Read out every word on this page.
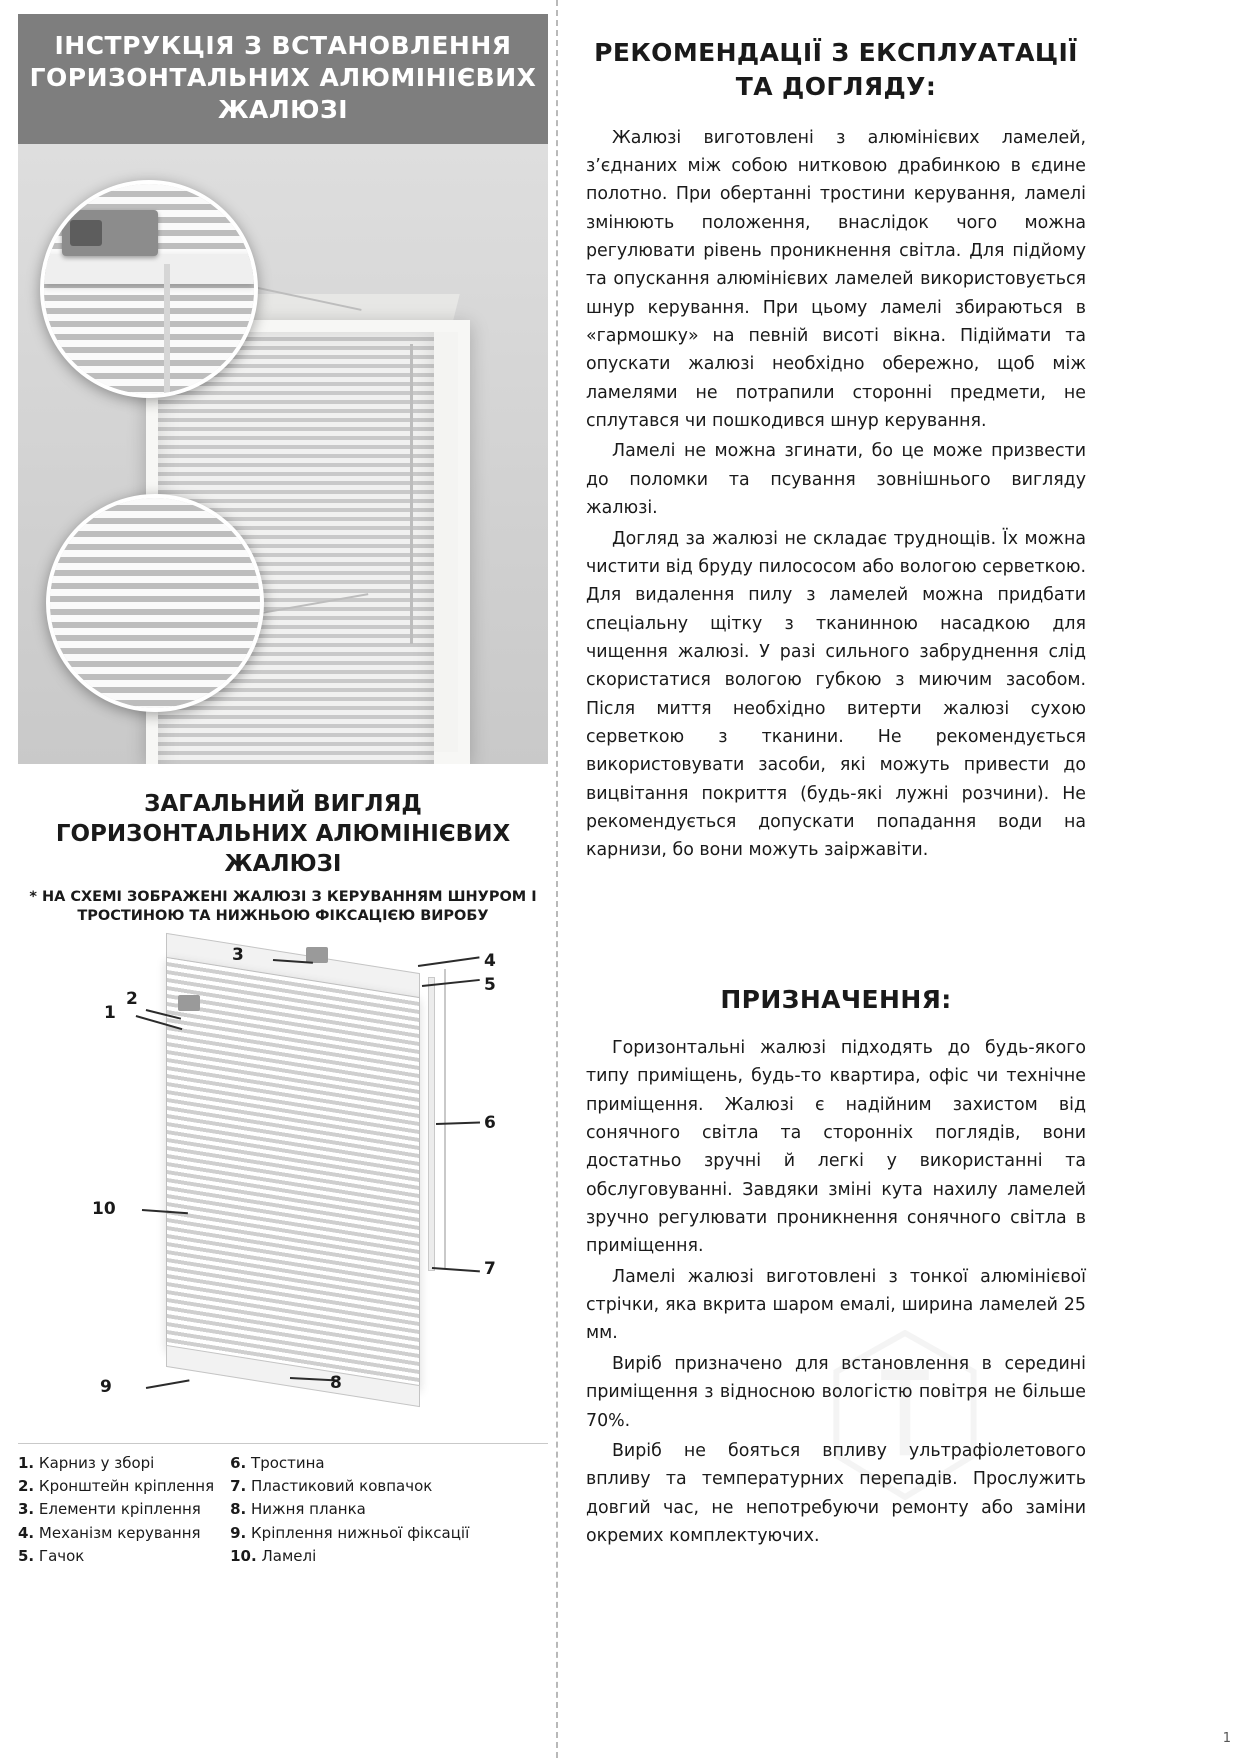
ІНСТРУКЦІЯ З ВСТАНОВЛЕННЯ ГОРИЗОНТАЛЬНИХ АЛЮМІНІЄВИХ ЖАЛЮЗІ
ЗАГАЛЬНИЙ ВИГЛЯД ГОРИЗОНТАЛЬНИХ АЛЮМІНІЄВИХ ЖАЛЮЗІ
* НА СХЕМІ ЗОБРАЖЕНІ ЖАЛЮЗІ З КЕРУВАННЯМ ШНУРОМ І ТРОСТИНОЮ ТА НИЖНЬОЮ ФІКСАЦІЄЮ ВИРОБУ
3
1
2
4
5
6
7
10
9	8
1. Карниз у зборі
2. Кронштейн кріплення
3. Елементи кріплення
4. Механізм керування
5. Гачок
6. Тростина
7. Пластиковий ковпачок
8. Нижня планка
9. Кріплення нижньої фіксації
10. Ламелі
РЕКОМЕНДАЦІЇ З ЕКСПЛУАТАЦІЇ ТА ДОГЛЯДУ:

Жалюзі виготовлені з алюмінієвих ламелей, з’єднаних між собою нитковою драбинкою в єдине полотно. При обертанні тростини керування, ламелі змінюють положення, внаслідок чого можна регулювати рівень проникнення світла. Для підйому та опускання алюмінієвих ламелей використовується шнур керування. При цьому ламелі збираються в «гармошку» на певній висоті вікна. Підіймати та опускати жалюзі необхідно обережно, щоб між ламелями не потрапили сторонні предмети, не сплутався чи пошкодився шнур керування.

Ламелі не можна згинати, бо це може призвести до поломки та псування зовнішнього вигляду жалюзі.

Догляд за жалюзі не складає труднощів. Їх можна чистити від бруду пилососом або вологою серветкою. Для видалення пилу з ламелей можна придбати спеціальну щітку з тканинною насадкою для чищення жалюзі. У разі сильного забруднення слід скористатися вологою губкою з миючим засобом. Після миття необхідно витерти жалюзі сухою серветкою з тканини. Не рекомендується використовувати засоби, які можуть привести до вицвітання покриття (будь-які лужні розчини). Не рекомендується допускати попадання води на карнизи, бо вони можуть заіржавіти.

ПРИЗНАЧЕННЯ:

Горизонтальні жалюзі підходять до будь-якого типу приміщень, будь-то квартира, офіс чи технічне приміщення. Жалюзі є надійним захистом від сонячного світла та сторонніх поглядів, вони достатньо зручні й легкі у використанні та обслуговуванні. Завдяки зміні кута нахилу ламелей зручно регулювати проникнення сонячного світла в приміщення.

Ламелі жалюзі виготовлені з тонкої алюмінієвої стрічки, яка вкрита шаром емалі, ширина ламелей 25 мм.

Виріб призначено для встановлення в середині приміщення з відносною вологістю повітря не більше 70%.

Виріб не бояться впливу ультрафіолетового впливу та температурних перепадів. Прослужить довгий час, не непотребуючи ремонту або заміни окремих комплектуючих.

1
